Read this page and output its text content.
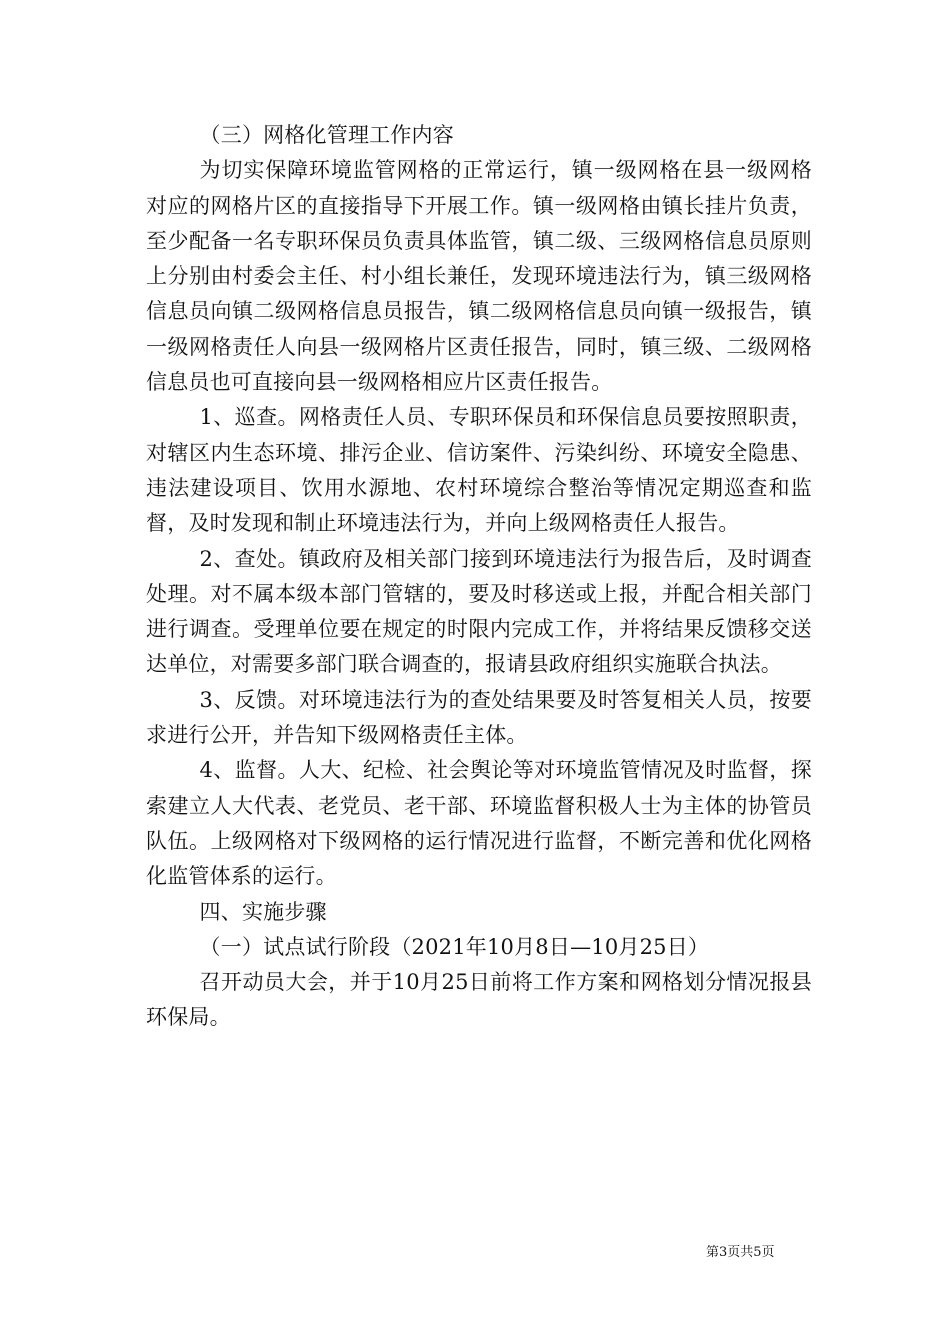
（三）网格化管理工作内容

为切实保障环境监管网格的正常运行，镇一级网格在县一级网格对应的网格片区的直接指导下开展工作。镇一级网格由镇长挂片负责，至少配备一名专职环保员负责具体监管，镇二级、三级网格信息员原则上分别由村委会主任、村小组长兼任，发现环境违法行为，镇三级网格信息员向镇二级网格信息员报告，镇二级网格信息员向镇一级报告，镇一级网格责任人向县一级网格片区责任报告，同时，镇三级、二级网格信息员也可直接向县一级网格相应片区责任报告。

1、巡查。网格责任人员、专职环保员和环保信息员要按照职责，对辖区内生态环境、排污企业、信访案件、污染纠纷、环境安全隐患、违法建设项目、饮用水源地、农村环境综合整治等情况定期巡查和监督，及时发现和制止环境违法行为，并向上级网格责任人报告。

2、查处。镇政府及相关部门接到环境违法行为报告后，及时调查处理。对不属本级本部门管辖的，要及时移送或上报，并配合相关部门进行调查。受理单位要在规定的时限内完成工作，并将结果反馈移交送达单位，对需要多部门联合调查的，报请县政府组织实施联合执法。

3、反馈。对环境违法行为的查处结果要及时答复相关人员，按要求进行公开，并告知下级网格责任主体。

4、监督。人大、纪检、社会舆论等对环境监管情况及时监督，探索建立人大代表、老党员、老干部、环境监督积极人士为主体的协管员队伍。上级网格对下级网格的运行情况进行监督，不断完善和优化网格化监管体系的运行。

四、实施步骤

（一）试点试行阶段（2021年10月8日—10月25日）

召开动员大会，并于10月25日前将工作方案和网格划分情况报县环保局。

第3页共5页
